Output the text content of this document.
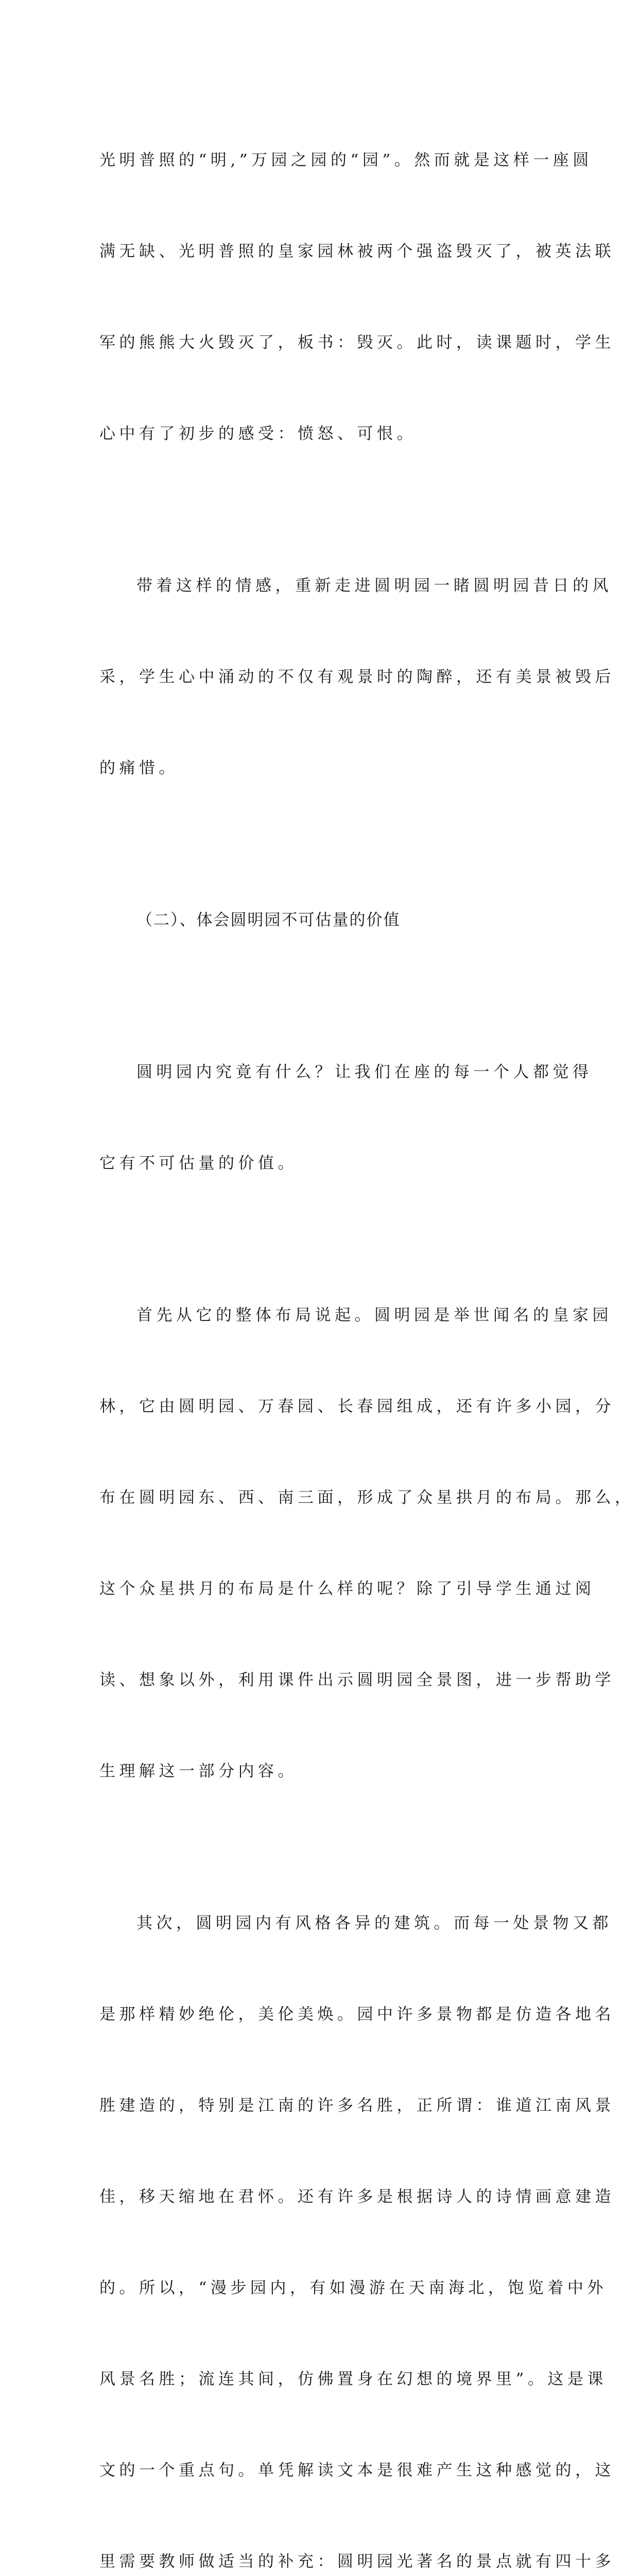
光明普照的“明,”万园之园的“园”。然而就是这样一座圆

满无缺、光明普照的皇家园林被两个强盗毁灭了，被英法联

军的熊熊大火毁灭了，板书：毁灭。此时，读课题时，学生

心中有了初步的感受：愤怒、可恨。

带着这样的情感，重新走进圆明园一睹圆明园昔日的风

采，学生心中涌动的不仅有观景时的陶醉，还有美景被毁后

的痛惜。

（二）、体会圆明园不可估量的价值

圆明园内究竟有什么？让我们在座的每一个人都觉得

它有不可估量的价值。

首先从它的整体布局说起。圆明园是举世闻名的皇家园

林，它由圆明园、万春园、长春园组成，还有许多小园，分

布在圆明园东、西、南三面，形成了众星拱月的布局。那么，

这个众星拱月的布局是什么样的呢？除了引导学生通过阅

读、想象以外，利用课件出示圆明园全景图，进一步帮助学

生理解这一部分内容。

其次，圆明园内有风格各异的建筑。而每一处景物又都

是那样精妙绝伦，美伦美焕。园中许多景物都是仿造各地名

胜建造的，特别是江南的许多名胜，正所谓：谁道江南风景

佳，移天缩地在君怀。还有许多是根据诗人的诗情画意建造

的。所以，“漫步园内，有如漫游在天南海北，饱览着中外

风景名胜；流连其间，仿佛置身在幻想的境界里”。这是课

文的一个重点句。单凭解读文本是很难产生这种感觉的，这

里需要教师做适当的补充：圆明园光著名的景点就有四十多
